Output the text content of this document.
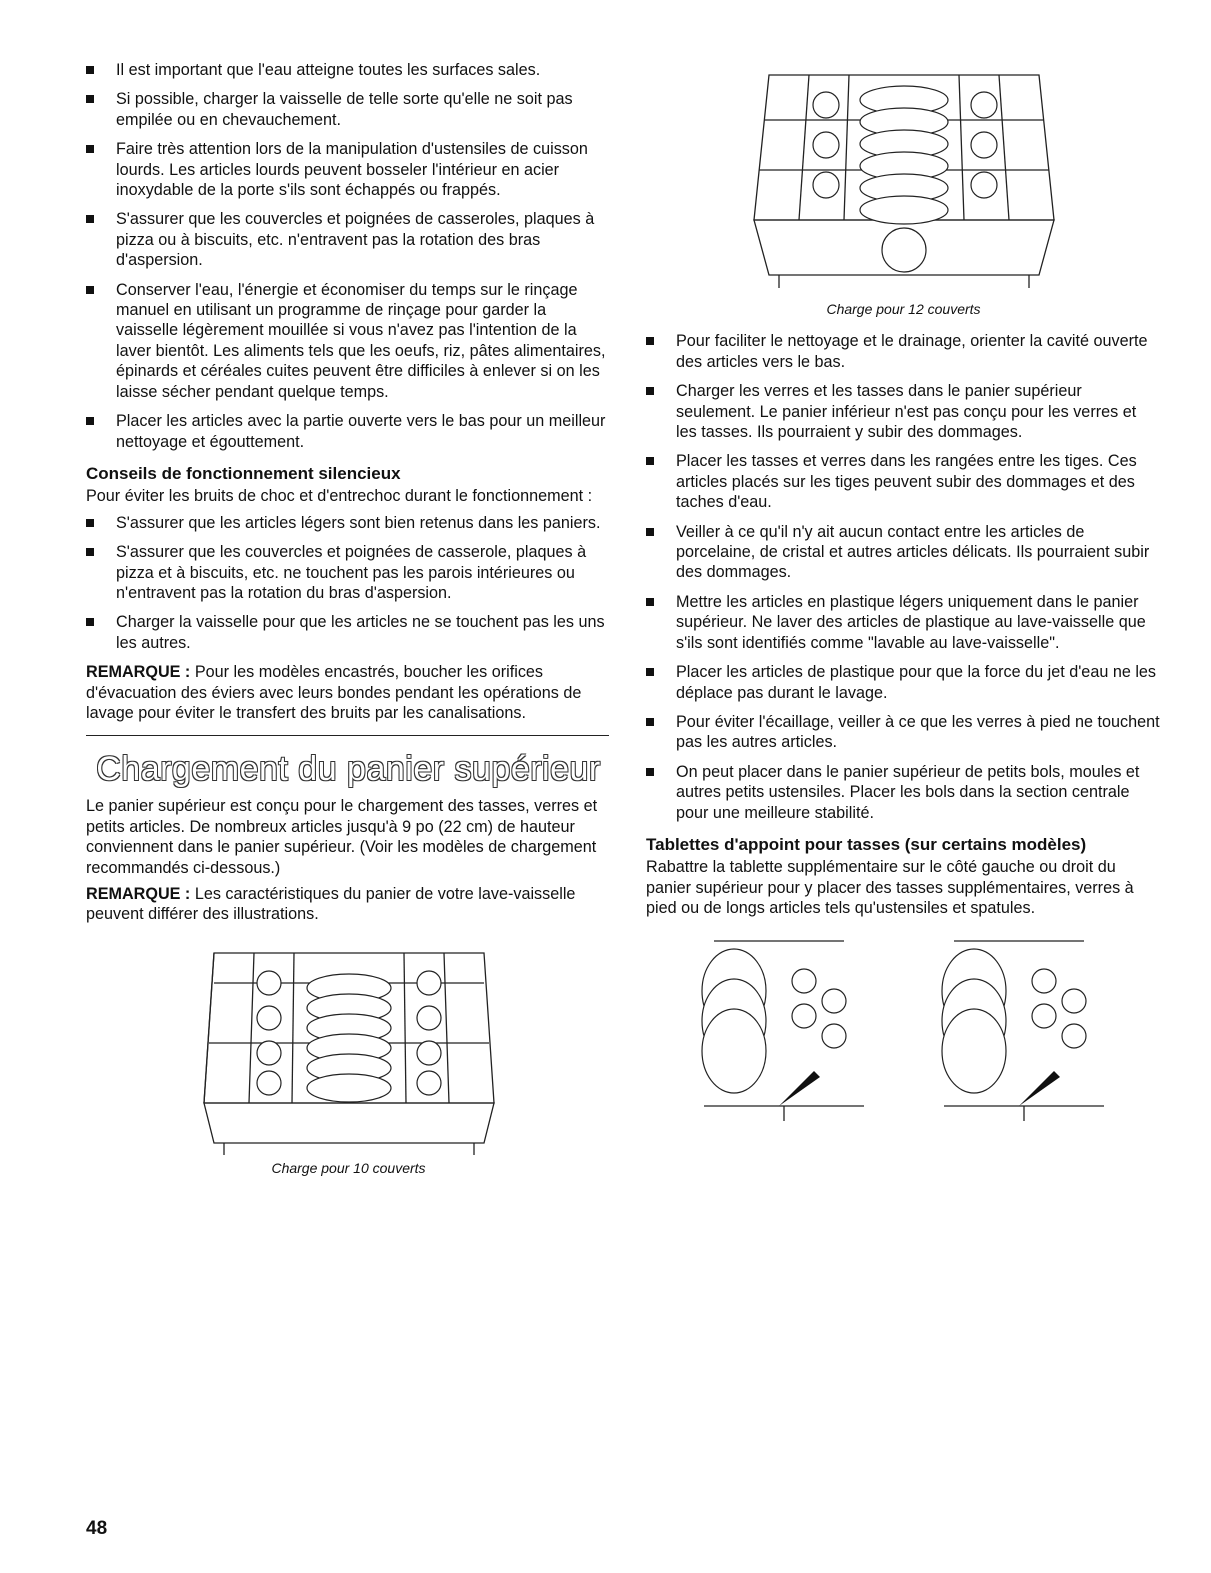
Il est important que l'eau atteigne toutes les surfaces sales.
Si possible, charger la vaisselle de telle sorte qu'elle ne soit pas empilée ou en chevauchement.
Faire très attention lors de la manipulation d'ustensiles de cuisson lourds. Les articles lourds peuvent bosseler l'intérieur en acier inoxydable de la porte s'ils sont échappés ou frappés.
S'assurer que les couvercles et poignées de casseroles, plaques à pizza ou à biscuits, etc. n'entravent pas la rotation des bras d'aspersion.
Conserver l'eau, l'énergie et économiser du temps sur le rinçage manuel en utilisant un programme de rinçage pour garder la vaisselle légèrement mouillée si vous n'avez pas l'intention de la laver bientôt. Les aliments tels que les oeufs, riz, pâtes alimentaires, épinards et céréales cuites peuvent être difficiles à enlever si on les laisse sécher pendant quelque temps.
Placer les articles avec la partie ouverte vers le bas pour un meilleur nettoyage et égouttement.
Conseils de fonctionnement silencieux

Pour éviter les bruits de choc et d'entrechoc durant le fonctionnement :

S'assurer que les articles légers sont bien retenus dans les paniers.
S'assurer que les couvercles et poignées de casserole, plaques à pizza et à biscuits, etc. ne touchent pas les parois intérieures ou n'entravent pas la rotation du bras d'aspersion.
Charger la vaisselle pour que les articles ne se touchent pas les uns les autres.

REMARQUE : Pour les modèles encastrés, boucher les orifices d'évacuation des éviers avec leurs bondes pendant les opérations de lavage pour éviter le transfert des bruits par les canalisations.

Chargement du panier supérieur

Le panier supérieur est conçu pour le chargement des tasses, verres et petits articles. De nombreux articles jusqu'à 9 po (22 cm) de hauteur conviennent dans le panier supérieur. (Voir les modèles de chargement recommandés ci-dessous.)

REMARQUE : Les caractéristiques du panier de votre lave-vaisselle peuvent différer des illustrations.

Charge pour 10 couverts
Charge pour 12 couverts
Pour faciliter le nettoyage et le drainage, orienter la cavité ouverte des articles vers le bas.
Charger les verres et les tasses dans le panier supérieur seulement. Le panier inférieur n'est pas conçu pour les verres et les tasses. Ils pourraient y subir des dommages.
Placer les tasses et verres dans les rangées entre les tiges. Ces articles placés sur les tiges peuvent subir des dommages et des taches d'eau.
Veiller à ce qu'il n'y ait aucun contact entre les articles de porcelaine, de cristal et autres articles délicats. Ils pourraient subir des dommages.
Mettre les articles en plastique légers uniquement dans le panier supérieur. Ne laver des articles de plastique au lave-vaisselle que s'ils sont identifiés comme "lavable au lave-vaisselle".
Placer les articles de plastique pour que la force du jet d'eau ne les déplace pas durant le lavage.
Pour éviter l'écaillage, veiller à ce que les verres à pied ne touchent pas les autres articles.
On peut placer dans le panier supérieur de petits bols, moules et autres petits ustensiles. Placer les bols dans la section centrale pour une meilleure stabilité.
Tablettes d'appoint pour tasses (sur certains modèles)

Rabattre la tablette supplémentaire sur le côté gauche ou droit du panier supérieur pour y placer des tasses supplémentaires, verres à pied ou de longs articles tels qu'ustensiles et spatules.

48
